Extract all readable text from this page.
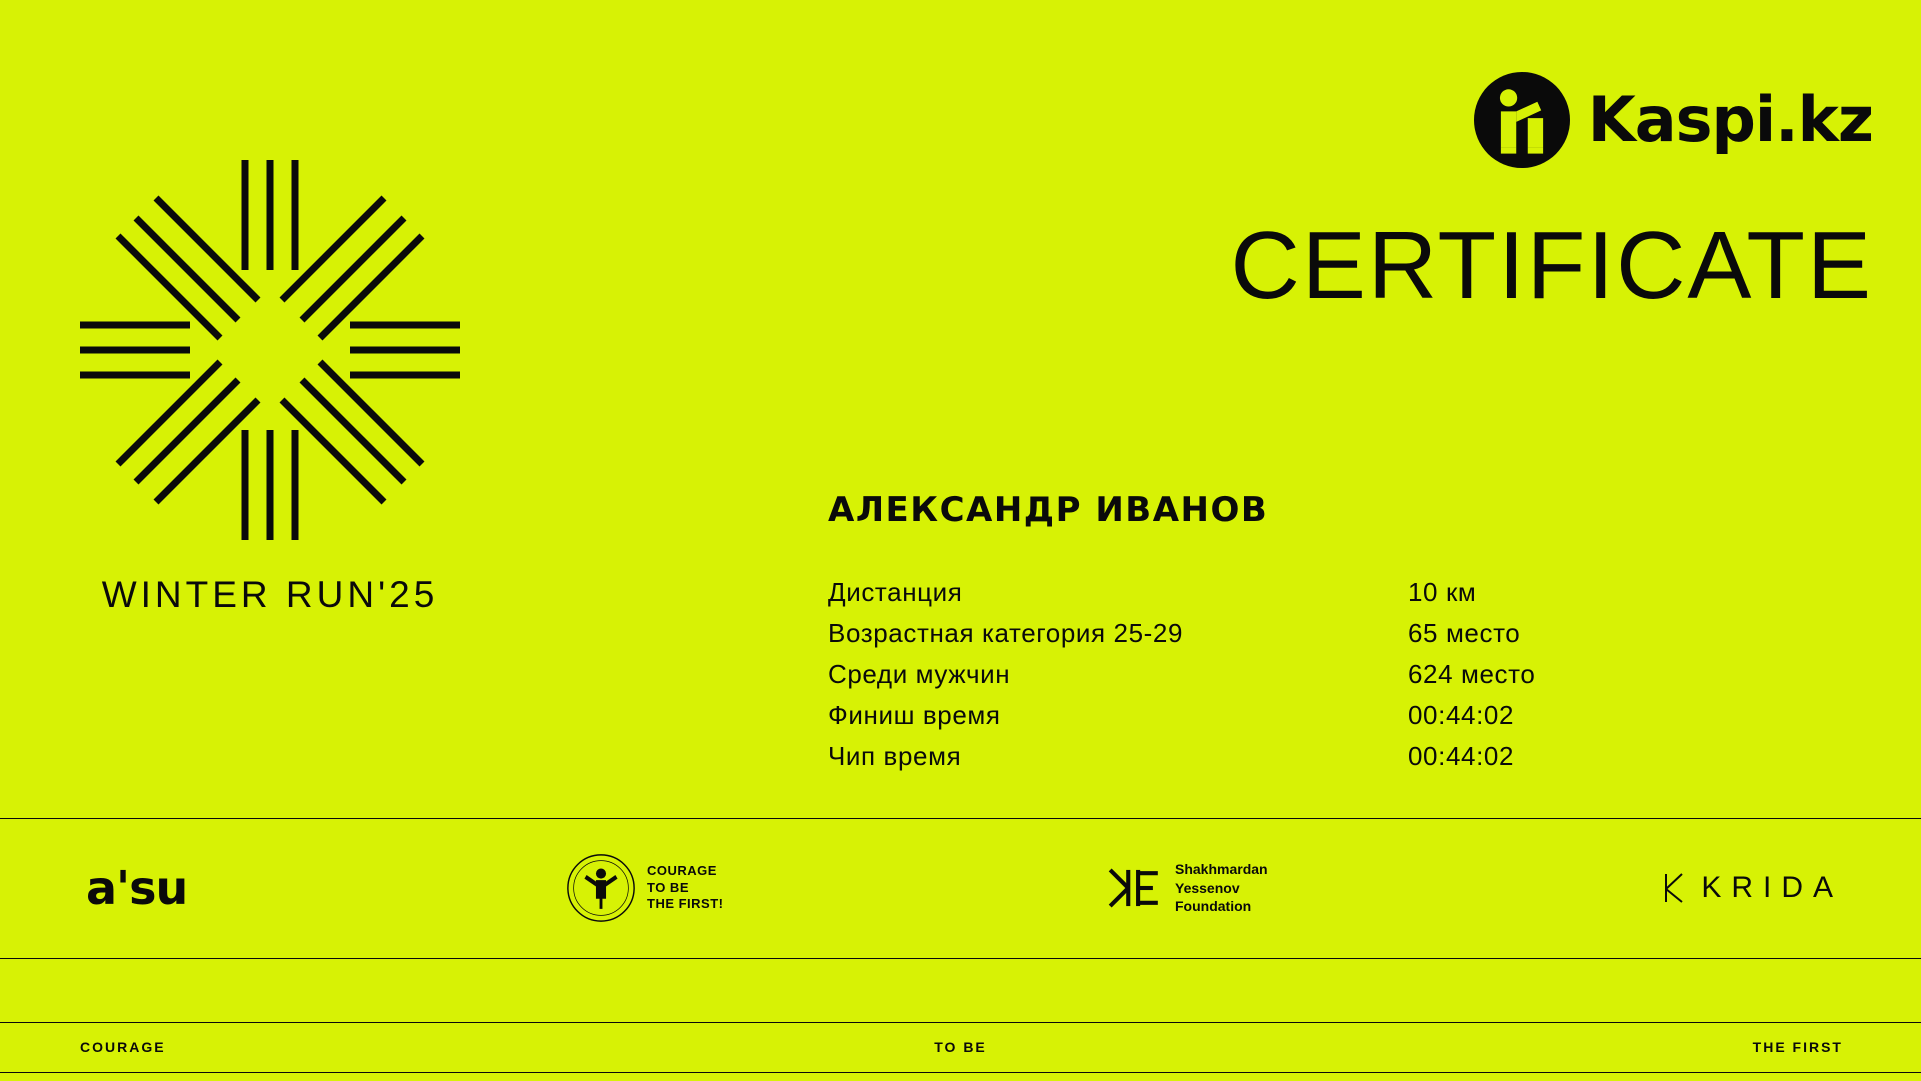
Kaspi.kz
CERTIFICATE
WINTER RUN'25
АЛЕКСАНДР ИВАНОВ
Дистанция	10 км
Возрастная категория 25-29	65 место
Среди мужчин	624 место
Финиш время	00:44:02
Чип время	00:44:02
a'su	COURAGE
TO BE
THE FIRST!
Shakhmardan
Yessenov
Foundation
KRIDA
COURAGE	TO BE	THE FIRST
